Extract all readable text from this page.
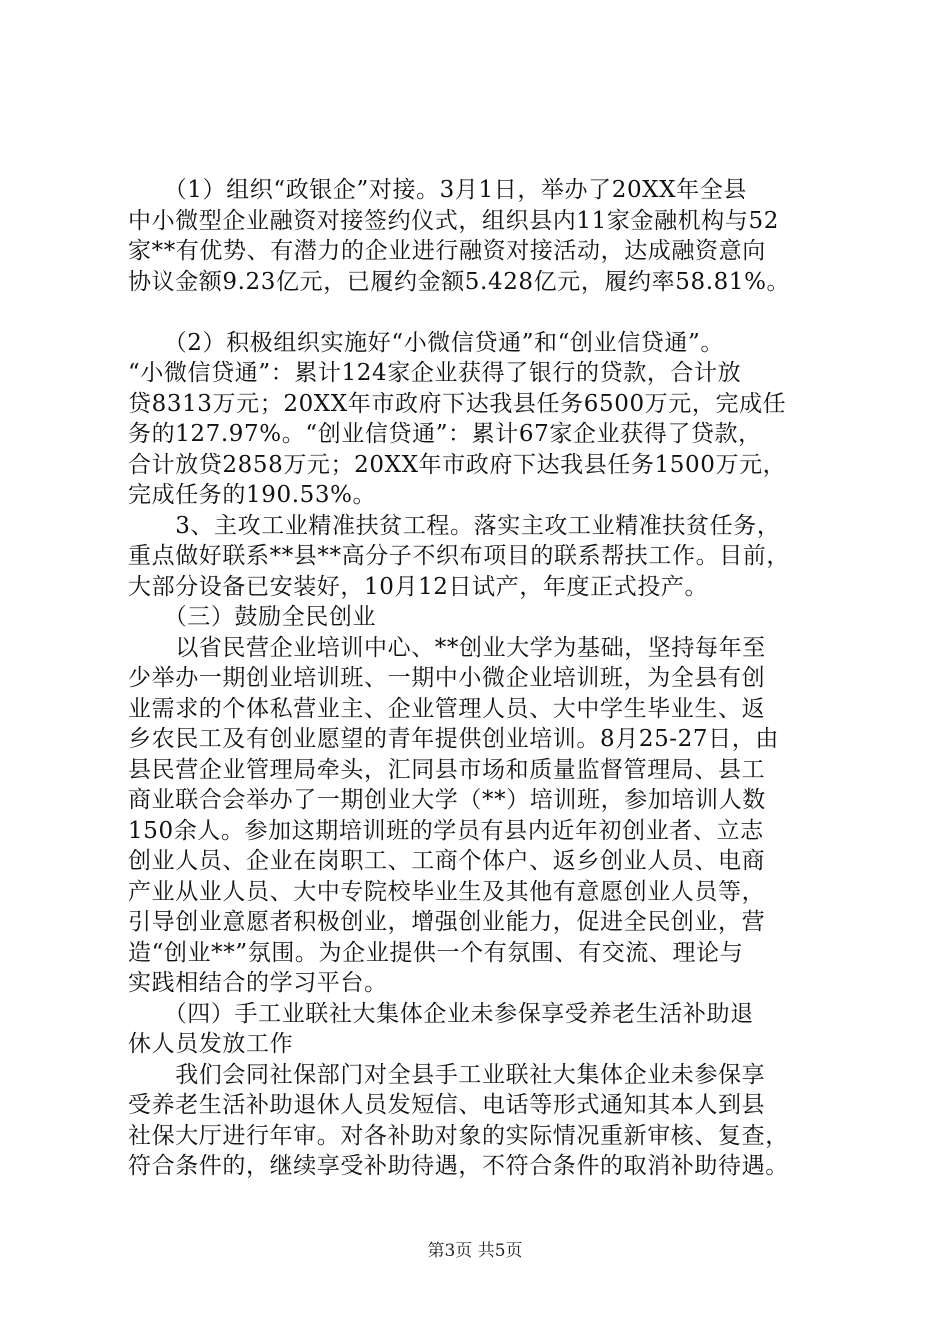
　　（1）组织“政银企”对接。3月1日，举办了20XX年全县
中小微型企业融资对接签约仪式，组织县内11家金融机构与52
家**有优势、有潜力的企业进行融资对接活动，达成融资意向
协议金额9.23亿元，已履约金额5.428亿元，履约率58.81%。
　　（2）积极组织实施好“小微信贷通”和“创业信贷通”。
“小微信贷通”：累计124家企业获得了银行的贷款，合计放
贷8313万元；20XX年市政府下达我县任务6500万元，完成任
务的127.97%。“创业信贷通”：累计67家企业获得了贷款，
合计放贷2858万元；20XX年市政府下达我县任务1500万元，
完成任务的190.53%。
　　3、主攻工业精准扶贫工程。落实主攻工业精准扶贫任务，
重点做好联系**县**高分子不织布项目的联系帮扶工作。目前，
大部分设备已安装好，10月12日试产，年度正式投产。
　　（三）鼓励全民创业
　　以省民营企业培训中心、**创业大学为基础，坚持每年至
少举办一期创业培训班、一期中小微企业培训班，为全县有创
业需求的个体私营业主、企业管理人员、大中学生毕业生、返
乡农民工及有创业愿望的青年提供创业培训。8月25-27日，由
县民营企业管理局牵头，汇同县市场和质量监督管理局、县工
商业联合会举办了一期创业大学（**）培训班，参加培训人数
150余人。参加这期培训班的学员有县内近年初创业者、立志
创业人员、企业在岗职工、工商个体户、返乡创业人员、电商
产业从业人员、大中专院校毕业生及其他有意愿创业人员等，
引导创业意愿者积极创业，增强创业能力，促进全民创业，营
造“创业**”氛围。为企业提供一个有氛围、有交流、理论与
实践相结合的学习平台。
　　（四）手工业联社大集体企业未参保享受养老生活补助退
休人员发放工作
　　我们会同社保部门对全县手工业联社大集体企业未参保享
受养老生活补助退休人员发短信、电话等形式通知其本人到县
社保大厅进行年审。对各补助对象的实际情况重新审核、复查，
符合条件的，继续享受补助待遇，不符合条件的取消补助待遇。
第3页 共5页
